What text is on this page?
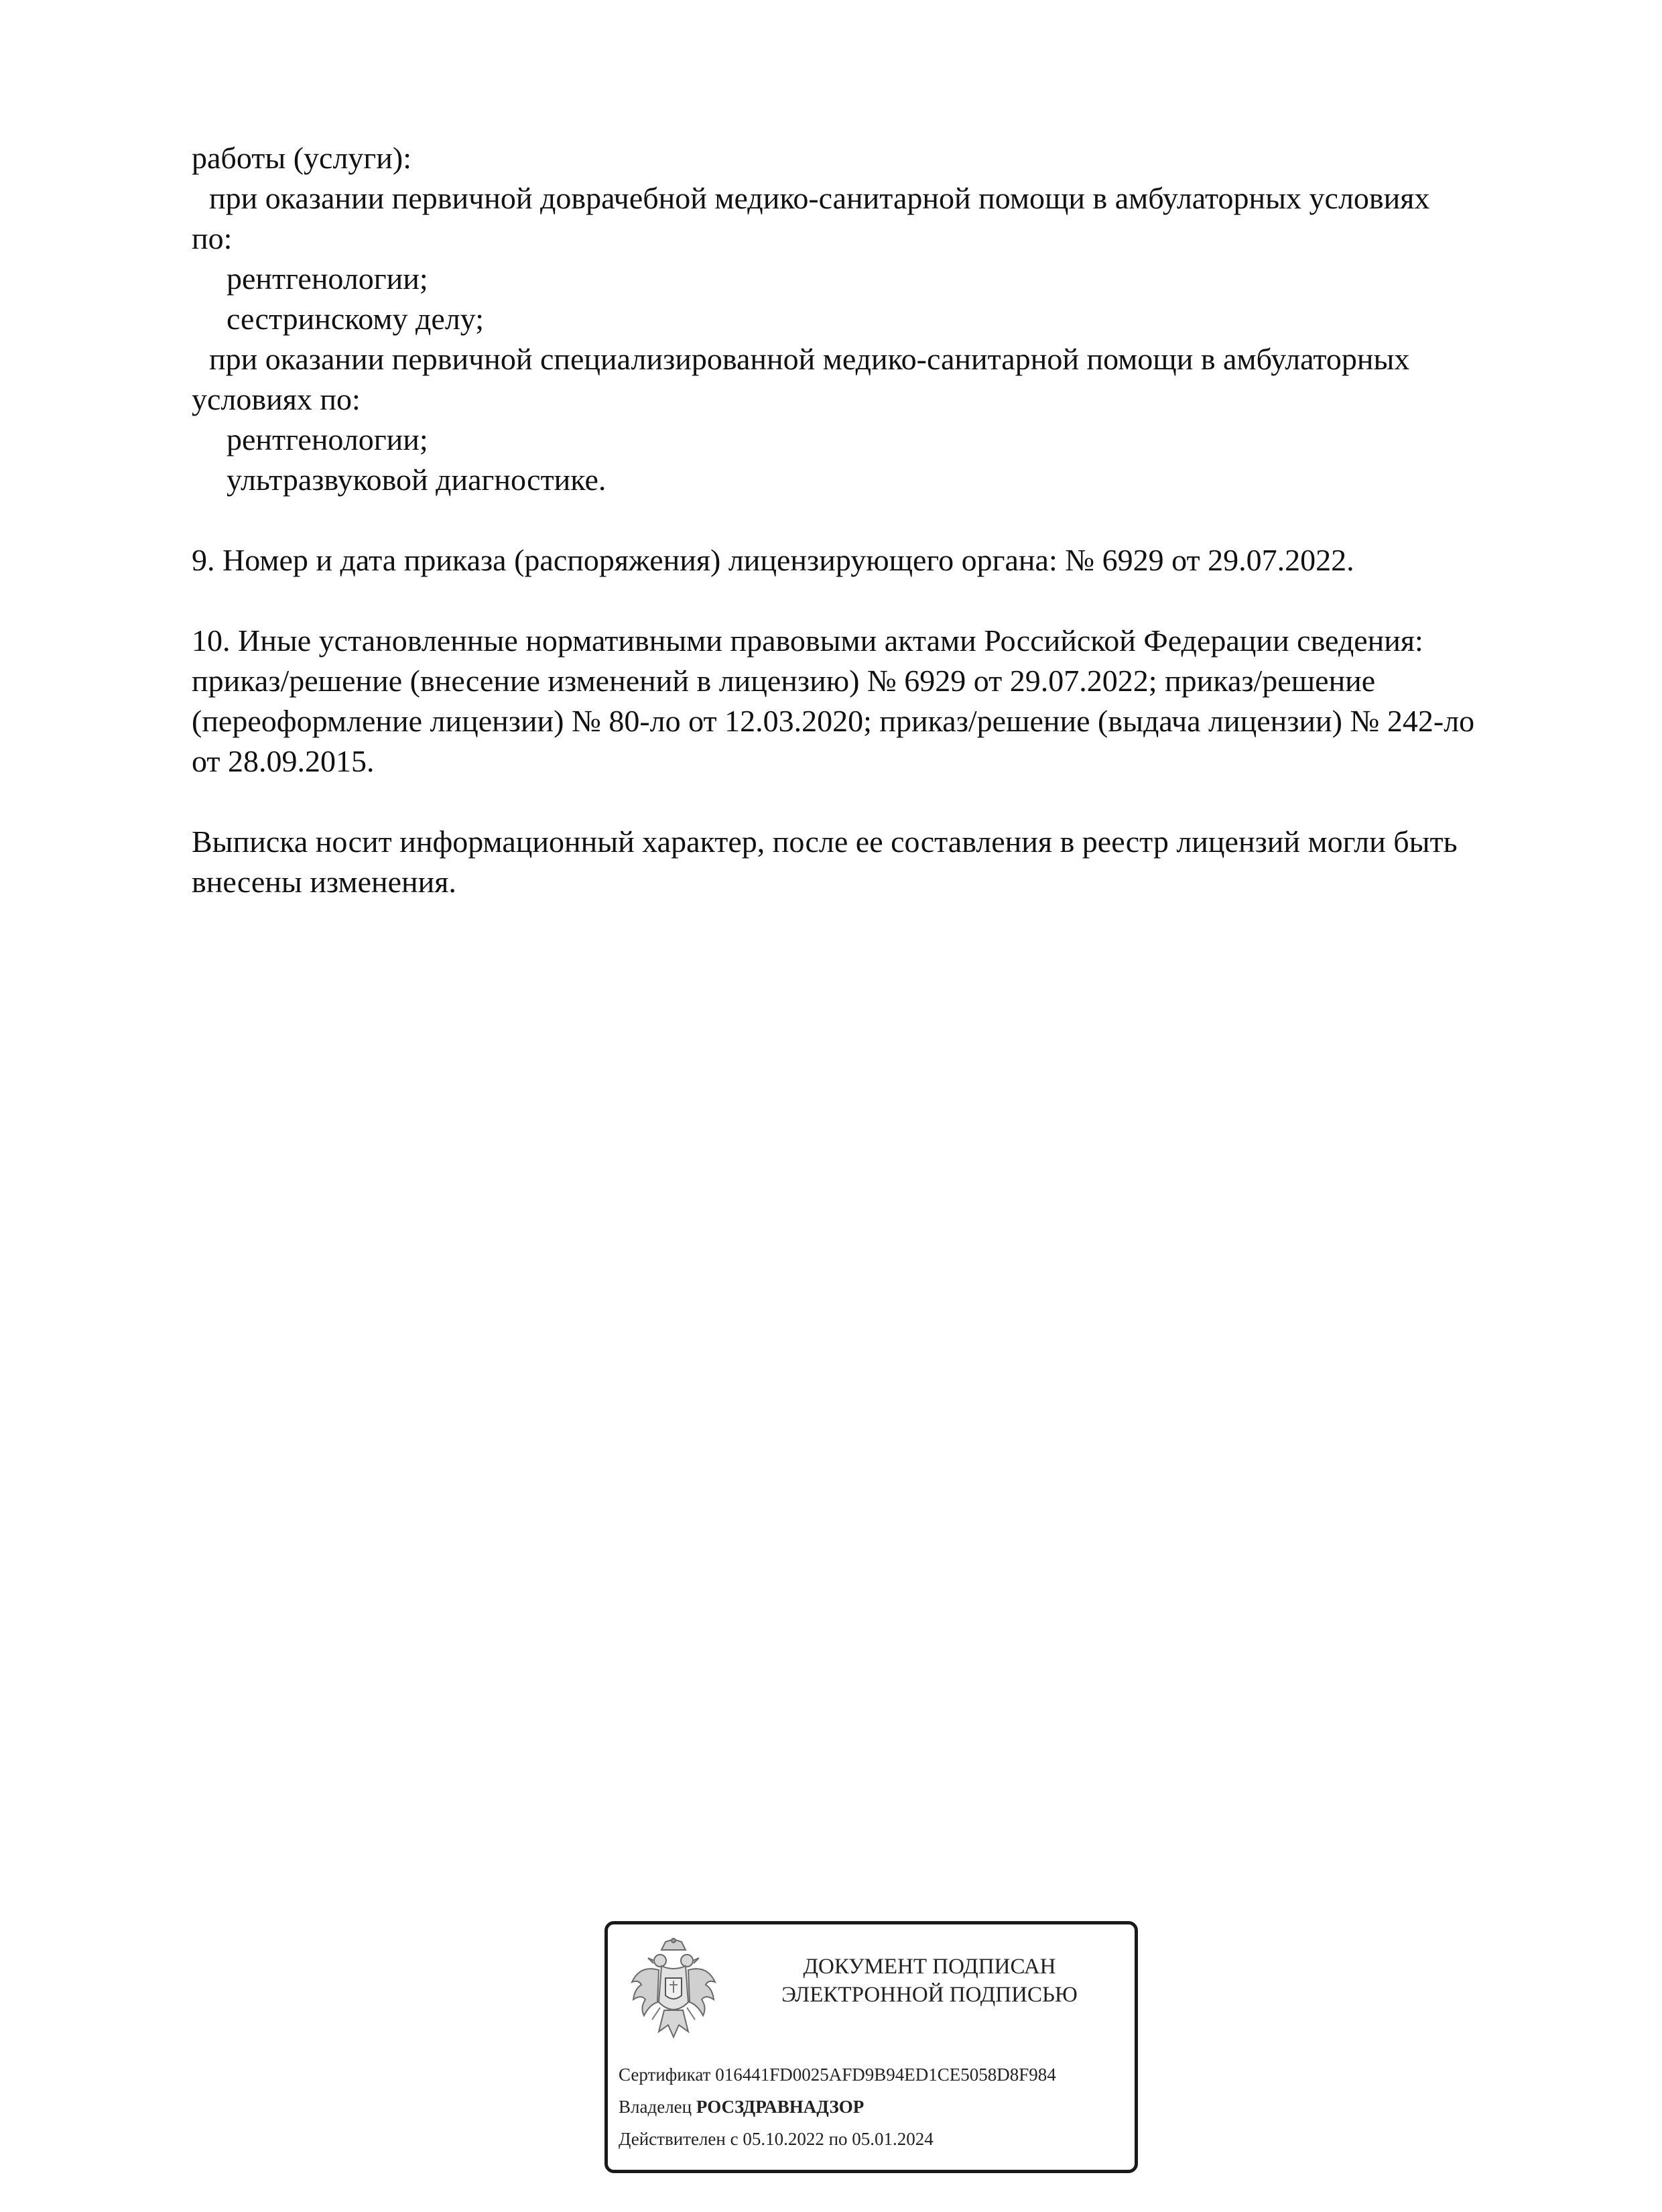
работы (услуги):
при оказании первичной доврачебной медико-санитарной помощи в амбулаторных условиях
по:
рентгенологии;
сестринскому делу;
при оказании первичной специализированной медико-санитарной помощи в амбулаторных
условиях по:
рентгенологии;
ультразвуковой диагностике.
9. Номер и дата приказа (распоряжения) лицензирующего органа: № 6929 от 29.07.2022.
10. Иные установленные нормативными правовыми актами Российской Федерации сведения:
приказ/решение (внесение изменений в лицензию) № 6929 от 29.07.2022; приказ/решение
(переоформление лицензии) № 80-ло от 12.03.2020; приказ/решение (выдача лицензии) № 242-ло
от 28.09.2015.
Выписка носит информационный характер, после ее составления в реестр лицензий могли быть
внесены изменения.
ДОКУМЕНТ ПОДПИСАН
ЭЛЕКТРОННОЙ ПОДПИСЬЮ
Сертификат 016441FD0025AFD9B94ED1CE5058D8F984
Владелец РОСЗДРАВНАДЗОР
Действителен с 05.10.2022 по 05.01.2024
